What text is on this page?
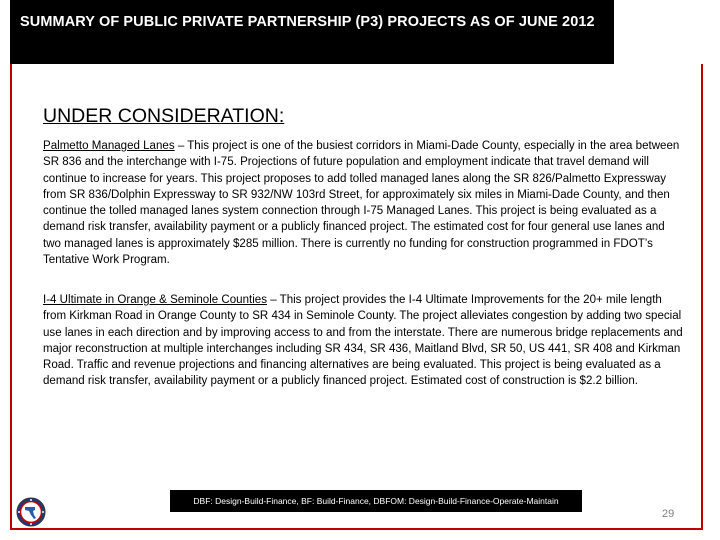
SUMMARY OF PUBLIC PRIVATE PARTNERSHIP (P3) PROJECTS AS OF JUNE 2012
UNDER CONSIDERATION:
Palmetto Managed Lanes – This project is one of the busiest corridors in Miami-Dade County, especially in the area between SR 836 and the interchange with I-75. Projections of future population and employment indicate that travel demand will continue to increase for years. This project proposes to add tolled managed lanes along the SR 826/Palmetto Expressway from SR 836/Dolphin Expressway to SR 932/NW 103rd Street, for approximately six miles in Miami-Dade County, and then continue the tolled managed lanes system connection through I-75 Managed Lanes. This project is being evaluated as a demand risk transfer, availability payment or a publicly financed project. The estimated cost for four general use lanes and two managed lanes is approximately $285 million. There is currently no funding for construction programmed in FDOT’s Tentative Work Program.
I-4 Ultimate in Orange & Seminole Counties – This project provides the I-4 Ultimate Improvements for the 20+ mile length from Kirkman Road in Orange County to SR 434 in Seminole County. The project alleviates congestion by adding two special use lanes in each direction and by improving access to and from the interstate. There are numerous bridge replacements and major reconstruction at multiple interchanges including SR 434, SR 436, Maitland Blvd, SR 50, US 441, SR 408 and Kirkman Road. Traffic and revenue projections and financing alternatives are being evaluated. This project is being evaluated as a demand risk transfer, availability payment or a publicly financed project. Estimated cost of construction is $2.2 billion.
DBF: Design-Build-Finance, BF: Build-Finance, DBFOM: Design-Build-Finance-Operate-Maintain
29
